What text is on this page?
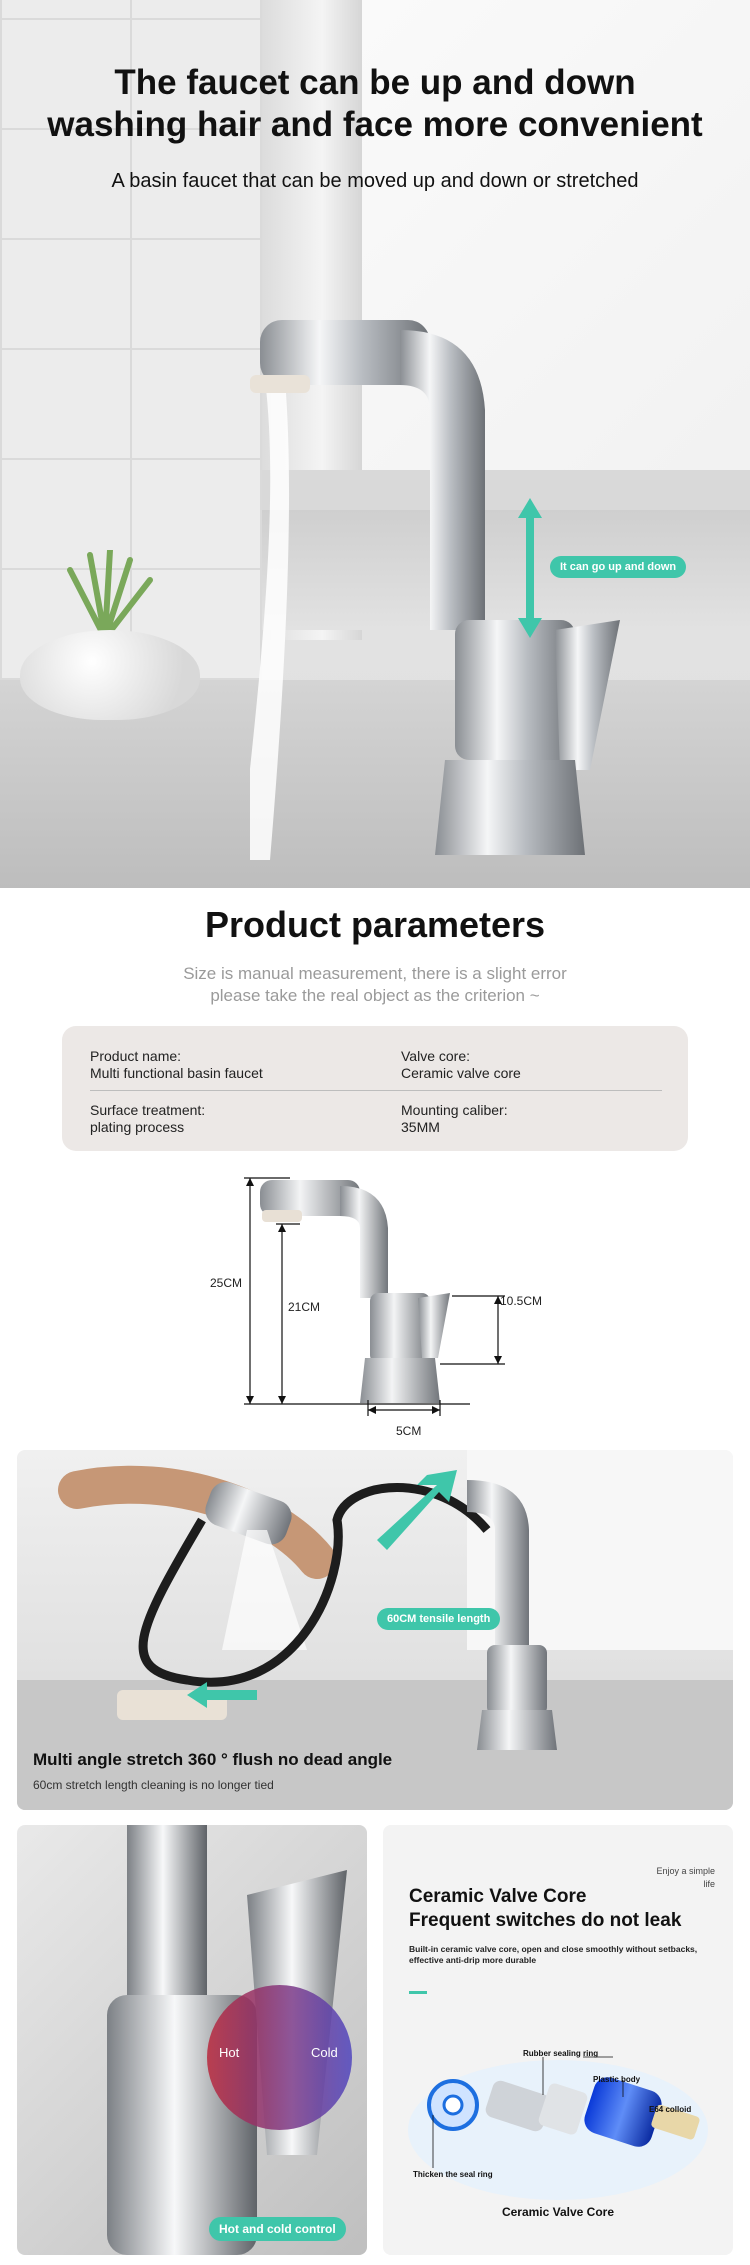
The faucet can be up and down
washing hair and face more convenient
A basin faucet that can be moved up and down or stretched
It can go up and down
Product parameters
Size is manual measurement, there is a slight error
please take the real object as the criterion ~
Product name:
Multi functional basin faucet
Valve core:
Ceramic valve core
Surface treatment:
plating process
Mounting caliber:
35MM
25CM
21CM	10.5CM
5CM
60CM tensile length
Multi angle stretch 360 ° flush no dead angle
60cm stretch length cleaning is no longer tied
Hot	Cold
Hot and cold control
Enjoy a simple life
Ceramic Valve Core
Frequent switches do not leak
Built-in ceramic valve core, open and close smoothly without setbacks, effective anti-drip more durable
Rubber sealing ring
Plastic body
E64 colloid
Thicken the seal ring
Ceramic Valve Core
